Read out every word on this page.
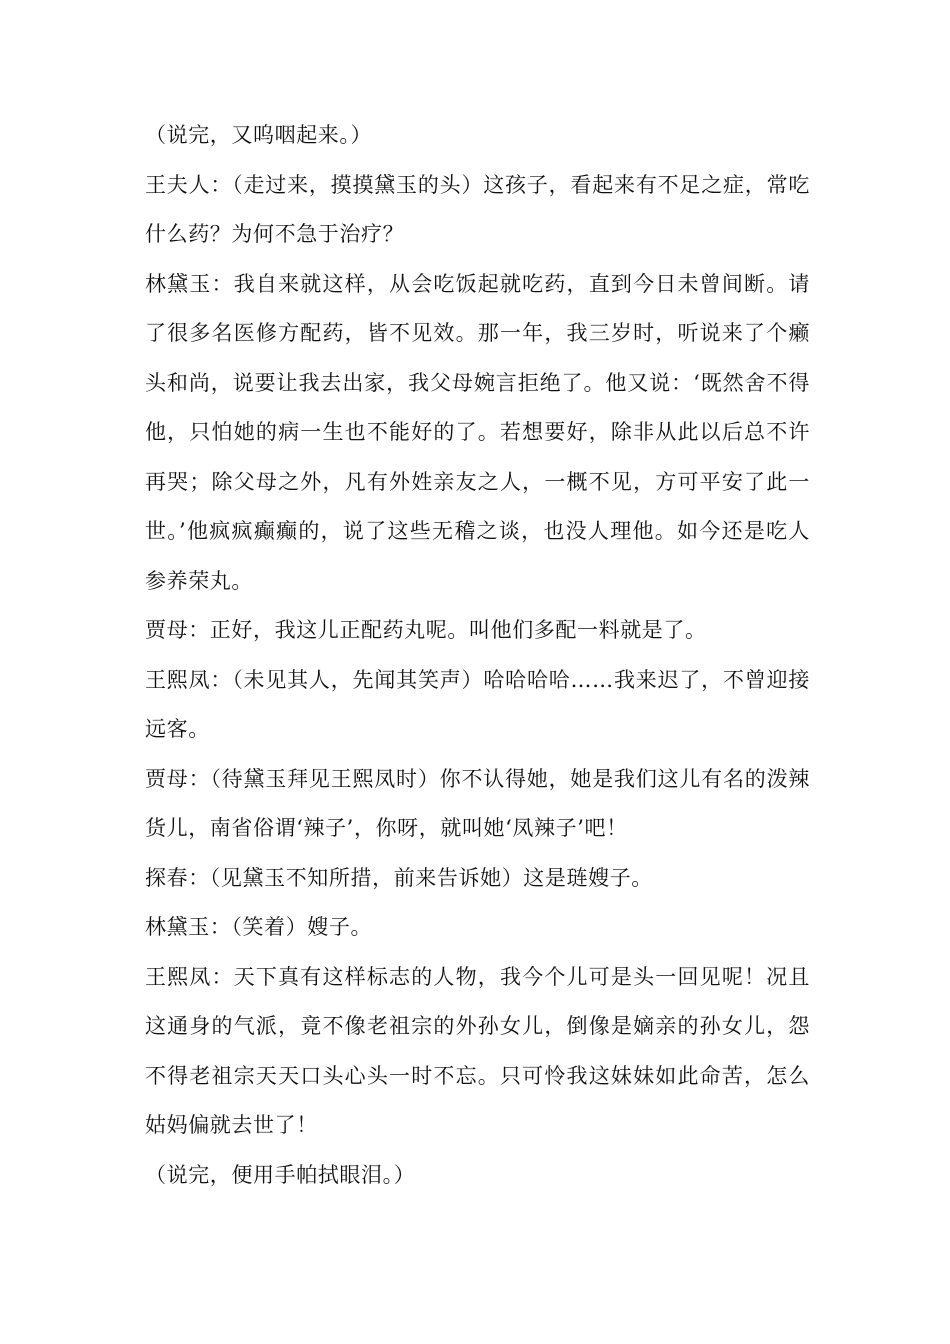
（说完，又呜咽起来。）

王夫人：（走过来，摸摸黛玉的头）这孩子，看起来有不足之症，常吃什么药？为何不急于治疗？

林黛玉：我自来就这样，从会吃饭起就吃药，直到今日未曾间断。请了很多名医修方配药，皆不见效。那一年，我三岁时，听说来了个癞头和尚，说要让我去出家，我父母婉言拒绝了。他又说：‘既然舍不得他，只怕她的病一生也不能好的了。若想要好，除非从此以后总不许再哭；除父母之外，凡有外姓亲友之人，一概不见，方可平安了此一世。’他疯疯癫癫的，说了这些无稽之谈，也没人理他。如今还是吃人参养荣丸。

贾母：正好，我这儿正配药丸呢。叫他们多配一料就是了。

王熙凤：（未见其人，先闻其笑声）哈哈哈哈……我来迟了，不曾迎接远客。

贾母：（待黛玉拜见王熙凤时）你不认得她，她是我们这儿有名的泼辣货儿，南省俗谓‘辣子’，你呀，就叫她‘凤辣子’吧！

探春：（见黛玉不知所措，前来告诉她）这是琏嫂子。

林黛玉：（笑着）嫂子。

王熙凤：天下真有这样标志的人物，我今个儿可是头一回见呢！况且这通身的气派，竟不像老祖宗的外孙女儿，倒像是嫡亲的孙女儿，怨不得老祖宗天天口头心头一时不忘。只可怜我这妹妹如此命苦，怎么姑妈偏就去世了！

（说完，便用手帕拭眼泪。）
